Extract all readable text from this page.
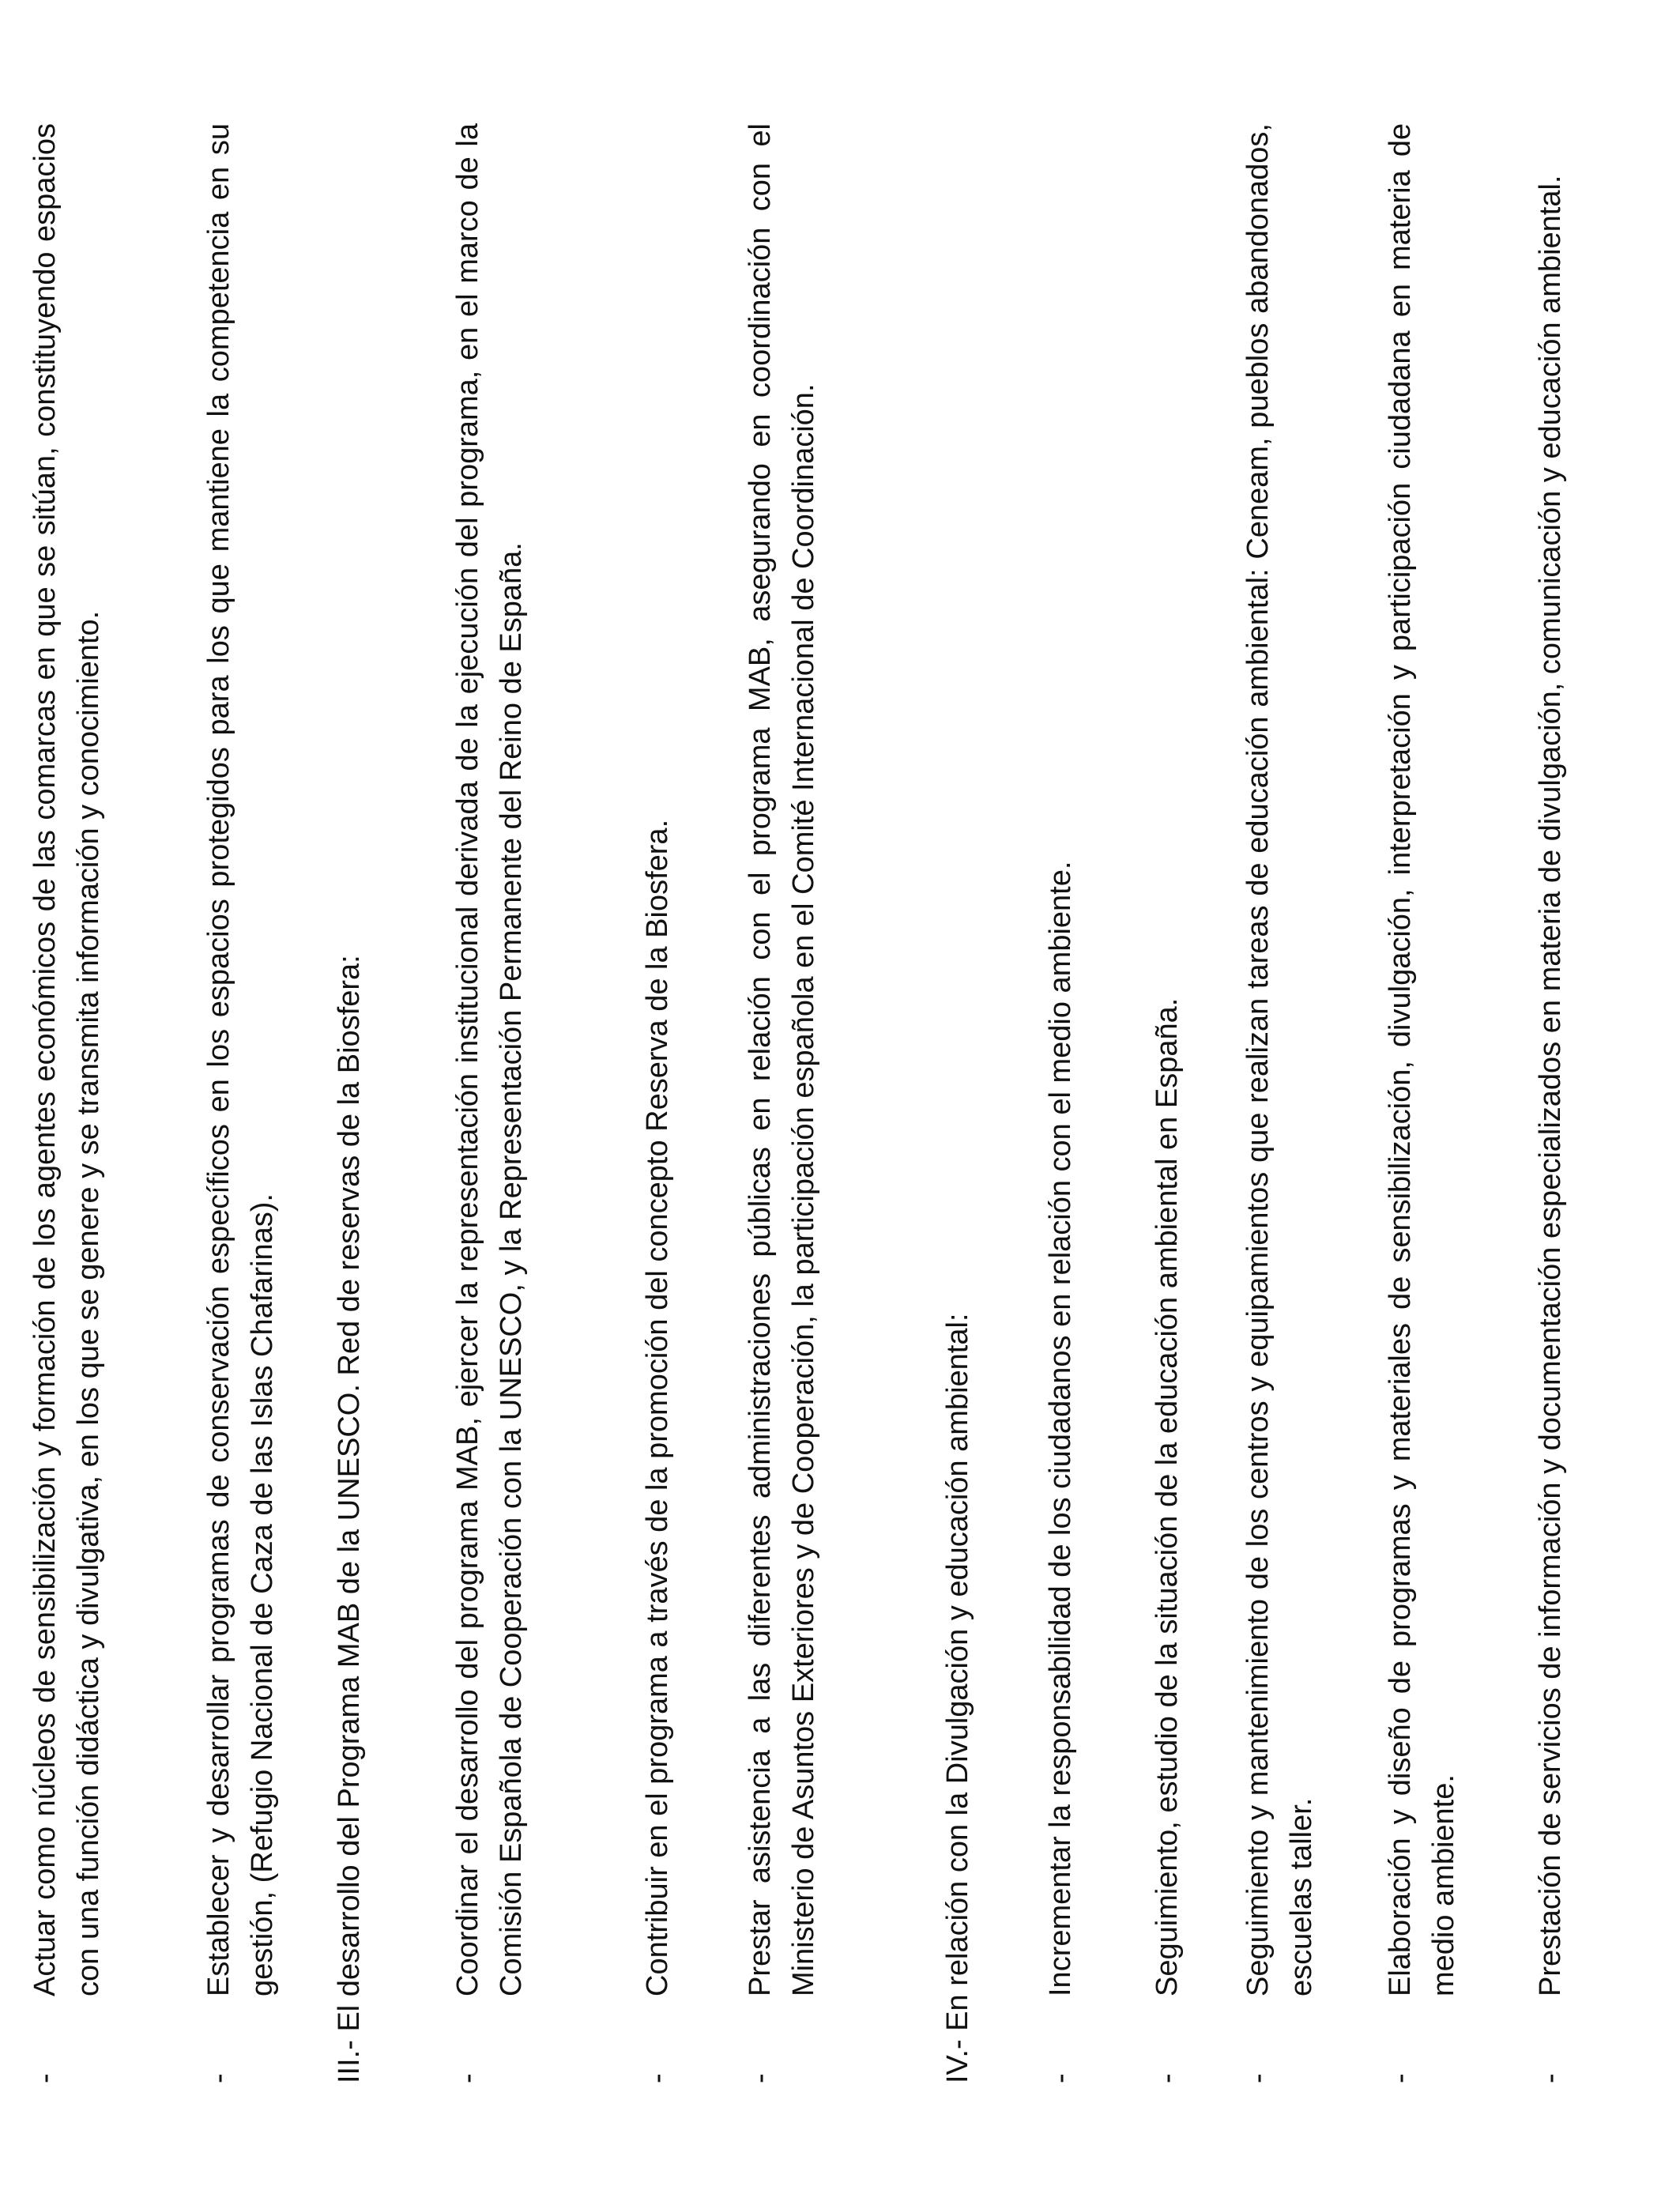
-
Actuar como núcleos de sensibilización y formación de los agentes económicos de las comarcas en que se sitúan, constituyendo espacios con una función didáctica y divulgativa, en los que se genere y se transmita información y conocimiento.
-
Establecer y desarrollar programas de conservación específicos en los espacios protegidos para los que mantiene la competencia en su gestión, (Refugio Nacional de Caza de las Islas Chafarinas). III.- El desarrollo del Programa MAB de la UNESCO. Red de reservas de la Biosfera:	-
Coordinar el desarrollo del programa MAB, ejercer la representación institucional derivada de la ejecución del programa, en el marco de la Comisión Española de Cooperación con la UNESCO, y la Representación Permanente del Reino de España.
-
Contribuir en el programa a través de la promoción del concepto Reserva de la Biosfera.
-
Prestar asistencia a las diferentes administraciones públicas en relación con el programa MAB, asegurando en coordinación con el Ministerio de Asuntos Exteriores y de Cooperación, la participación española en el Comité Internacional de Coordinación.	IV.- En relación con la Divulgación y educación ambiental: -
Incrementar la responsabilidad de los ciudadanos en relación con el medio ambiente.
-
Seguimiento, estudio de la situación de la educación ambiental en España.
-
Seguimiento y mantenimiento de los centros y equipamientos que realizan tareas de educación ambiental: Ceneam, pueblos abandonados, escuelas taller.
-
Elaboración y diseño de programas y materiales de sensibilización, divulgación, interpretación y participación ciudadana en materia de medio ambiente.
-
Prestación de servicios de información y documentación especializados en materia de divulgación, comunicación y educación ambiental.
